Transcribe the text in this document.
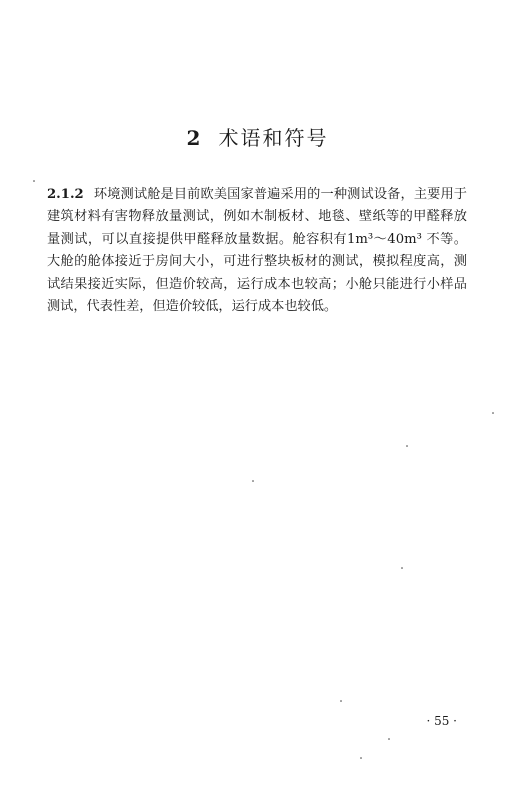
2 术语和符号
2.1.2 环境测试舱是目前欧美国家普遍采用的一种测试设备，主要用于建筑材料有害物释放量测试，例如木制板材、地毯、壁纸等的甲醛释放量测试，可以直接提供甲醛释放量数据。舱容积有1m³～40m³ 不等。大舱的舱体接近于房间大小，可进行整块板材的测试，模拟程度高，测试结果接近实际，但造价较高，运行成本也较高；小舱只能进行小样品测试，代表性差，但造价较低，运行成本也较低。
· 55 ·
